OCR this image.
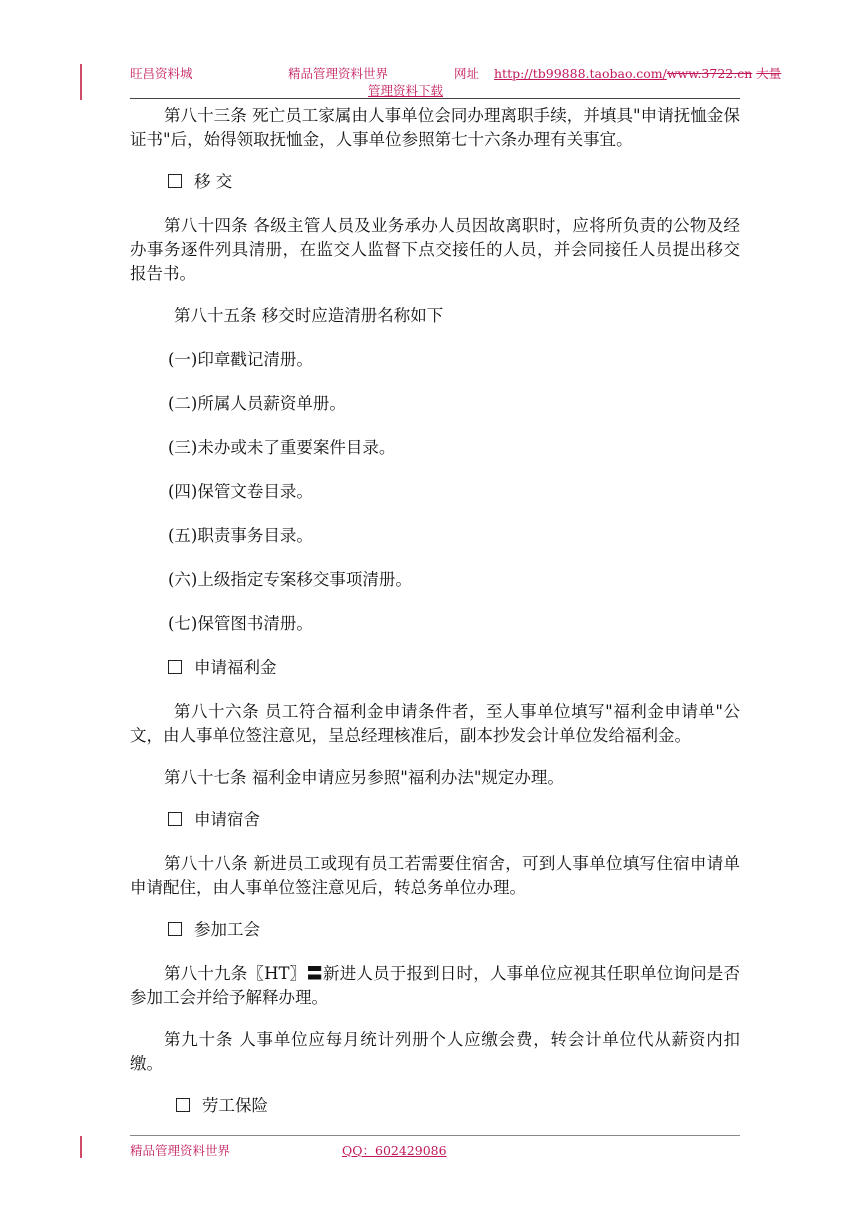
旺昌资料城	精品管理资料世界	网址 http://tb99888.taobao.com/www.3722.cn 大量
管理资料下载

第八十三条 死亡员工家属由人事单位会同办理离职手续，并填具"申请抚恤金保证书"后，始得领取抚恤金，人事单位参照第七十六条办理有关事宜。

移 交

第八十四条 各级主管人员及业务承办人员因故离职时，应将所负责的公物及经办事务逐件列具清册，在监交人监督下点交接任的人员，并会同接任人员提出移交报告书。

第八十五条 移交时应造清册名称如下

(一)印章戳记清册。
(二)所属人员薪资单册。
(三)未办或未了重要案件目录。
(四)保管文卷目录。
(五)职责事务目录。
(六)上级指定专案移交事项清册。
(七)保管图书清册。
申请福利金

第八十六条 员工符合福利金申请条件者，至人事单位填写"福利金申请单"公文，由人事单位签注意见，呈总经理核准后，副本抄发会计单位发给福利金。

第八十七条 福利金申请应另参照"福利办法"规定办理。

申请宿舍

第八十八条 新进员工或现有员工若需要住宿舍，可到人事单位填写住宿申请单申请配住，由人事单位签注意见后，转总务单位办理。

参加工会

第八十九条〖HT〗〓新进人员于报到日时，人事单位应视其任职单位询问是否参加工会并给予解释办理。

第九十条 人事单位应每月统计列册个人应缴会费，转会计单位代从薪资内扣缴。

劳工保险
精品管理资料世界	QQ：602429086
